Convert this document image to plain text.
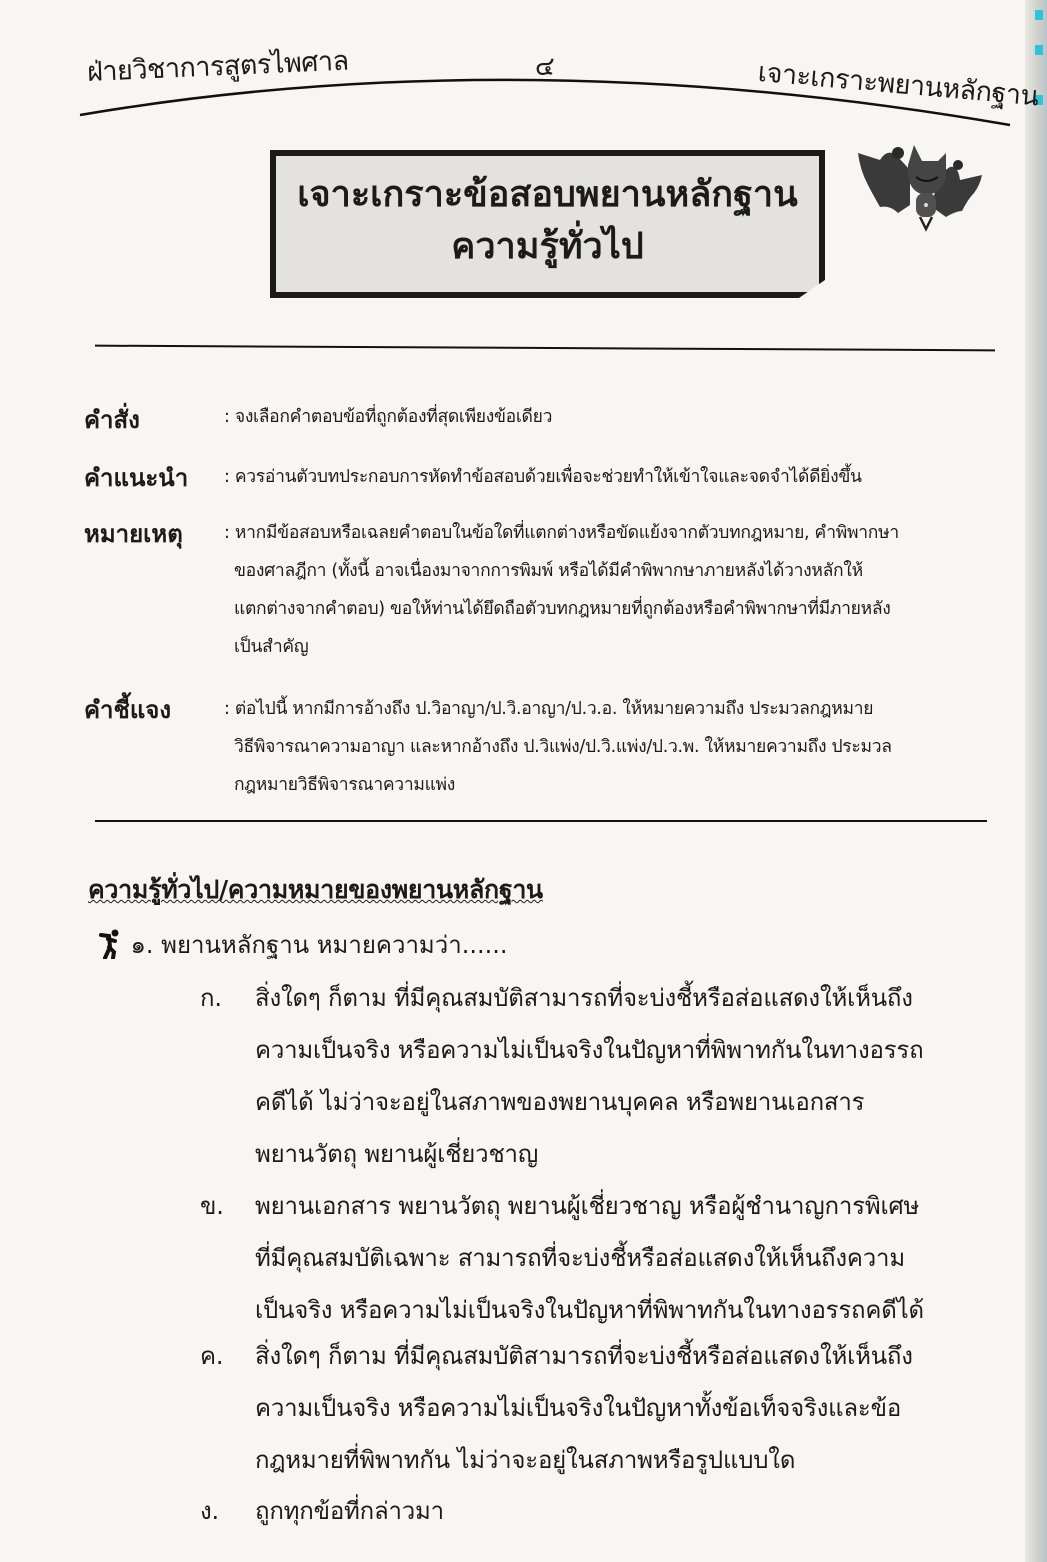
ฝ่ายวิชาการสูตรไพศาล	๔	เจาะเกราะพยานหลักฐาน
เจาะเกราะข้อสอบพยานหลักฐาน
ความรู้ทั่วไป
คำสั่ง	: จงเลือกคำตอบข้อที่ถูกต้องที่สุดเพียงข้อเดียว
คำแนะนำ : ควรอ่านตัวบทประกอบการหัดทำข้อสอบด้วยเพื่อจะช่วยทำให้เข้าใจและจดจำได้ดียิ่งขึ้น
หมายเหตุ : หากมีข้อสอบหรือเฉลยคำตอบในข้อใดที่แตกต่างหรือขัดแย้งจากตัวบทกฎหมาย, คำพิพากษา
ของศาลฎีกา (ทั้งนี้ อาจเนื่องมาจากการพิมพ์ หรือได้มีคำพิพากษาภายหลังได้วางหลักให้
แตกต่างจากคำตอบ) ขอให้ท่านได้ยึดถือตัวบทกฎหมายที่ถูกต้องหรือคำพิพากษาที่มีภายหลัง
เป็นสำคัญ
คำชี้แจง	: ต่อไปนี้ หากมีการอ้างถึง ป.วิอาญา/ป.วิ.อาญา/ป.ว.อ. ให้หมายความถึง ประมวลกฎหมาย
วิธีพิจารณาความอาญา และหากอ้างถึง ป.วิแพ่ง/ป.วิ.แพ่ง/ป.ว.พ. ให้หมายความถึง ประมวล
กฎหมายวิธีพิจารณาความแพ่ง
ความรู้ทั่วไป/ความหมายของพยานหลักฐาน
๑. พยานหลักฐาน หมายความว่า......
ก.	สิ่งใดๆ ก็ตาม ที่มีคุณสมบัติสามารถที่จะบ่งชี้หรือส่อแสดงให้เห็นถึง
ความเป็นจริง หรือความไม่เป็นจริงในปัญหาที่พิพาทกันในทางอรรถ
คดีได้ ไม่ว่าจะอยู่ในสภาพของพยานบุคคล หรือพยานเอกสาร
พยานวัตถุ พยานผู้เชี่ยวชาญ
ข.	พยานเอกสาร พยานวัตถุ พยานผู้เชี่ยวชาญ หรือผู้ชำนาญการพิเศษ
ที่มีคุณสมบัติเฉพาะ สามารถที่จะบ่งชี้หรือส่อแสดงให้เห็นถึงความ
เป็นจริง หรือความไม่เป็นจริงในปัญหาที่พิพาทกันในทางอรรถคดีได้
ค.	สิ่งใดๆ ก็ตาม ที่มีคุณสมบัติสามารถที่จะบ่งชี้หรือส่อแสดงให้เห็นถึง
ความเป็นจริง หรือความไม่เป็นจริงในปัญหาทั้งข้อเท็จจริงและข้อ
กฎหมายที่พิพาทกัน ไม่ว่าจะอยู่ในสภาพหรือรูปแบบใด
ง.	ถูกทุกข้อที่กล่าวมา
